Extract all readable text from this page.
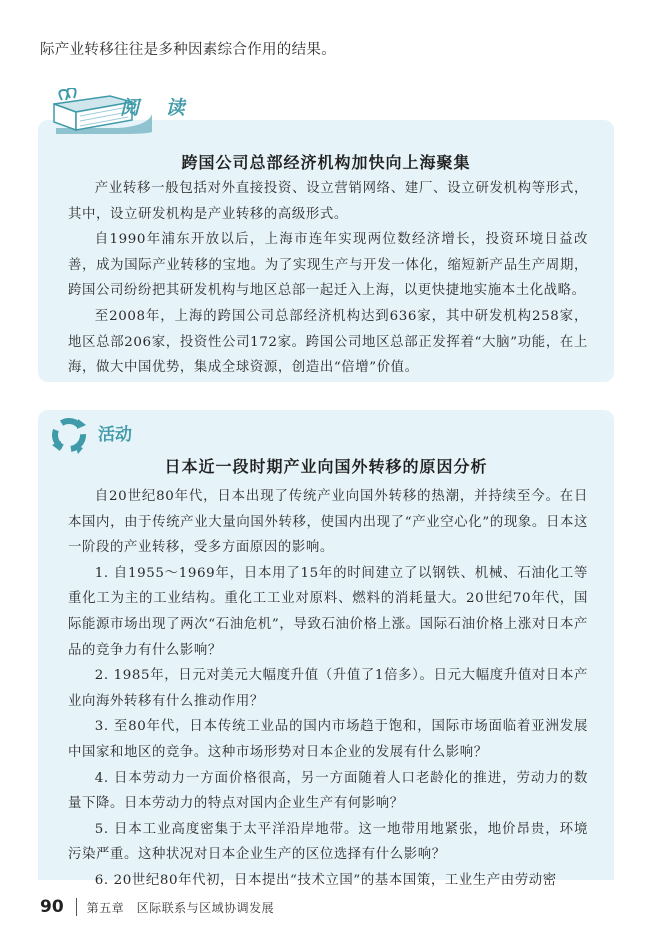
际产业转移往往是多种因素综合作用的结果。
阅 读
跨国公司总部经济机构加快向上海聚集

产业转移一般包括对外直接投资、设立营销网络、建厂、设立研发机构等形式，其中，设立研发机构是产业转移的高级形式。

自1990年浦东开放以后，上海市连年实现两位数经济增长，投资环境日益改善，成为国际产业转移的宝地。为了实现生产与开发一体化，缩短新产品生产周期，跨国公司纷纷把其研发机构与地区总部一起迁入上海，以更快捷地实施本土化战略。

至2008年，上海的跨国公司总部经济机构达到636家，其中研发机构258家，地区总部206家，投资性公司172家。跨国公司地区总部正发挥着“大脑”功能，在上海，做大中国优势，集成全球资源，创造出“倍增”价值。

活动
日本近一段时期产业向国外转移的原因分析

自20世纪80年代，日本出现了传统产业向国外转移的热潮，并持续至今。在日本国内，由于传统产业大量向国外转移，使国内出现了“产业空心化”的现象。日本这一阶段的产业转移，受多方面原因的影响。

1. 自1955～1969年，日本用了15年的时间建立了以钢铁、机械、石油化工等重化工为主的工业结构。重化工工业对原料、燃料的消耗量大。20世纪70年代，国际能源市场出现了两次“石油危机”，导致石油价格上涨。国际石油价格上涨对日本产品的竞争力有什么影响？

2. 1985年，日元对美元大幅度升值（升值了1倍多）。日元大幅度升值对日本产业向海外转移有什么推动作用？

3. 至80年代，日本传统工业品的国内市场趋于饱和，国际市场面临着亚洲发展中国家和地区的竞争。这种市场形势对日本企业的发展有什么影响？

4. 日本劳动力一方面价格很高，另一方面随着人口老龄化的推进，劳动力的数量下降。日本劳动力的特点对国内企业生产有何影响？

5. 日本工业高度密集于太平洋沿岸地带。这一地带用地紧张，地价昂贵，环境污染严重。这种状况对日本企业生产的区位选择有什么影响？

6. 20世纪80年代初，日本提出“技术立国”的基本国策，工业生产由劳动密

90 第五章　区际联系与区域协调发展
